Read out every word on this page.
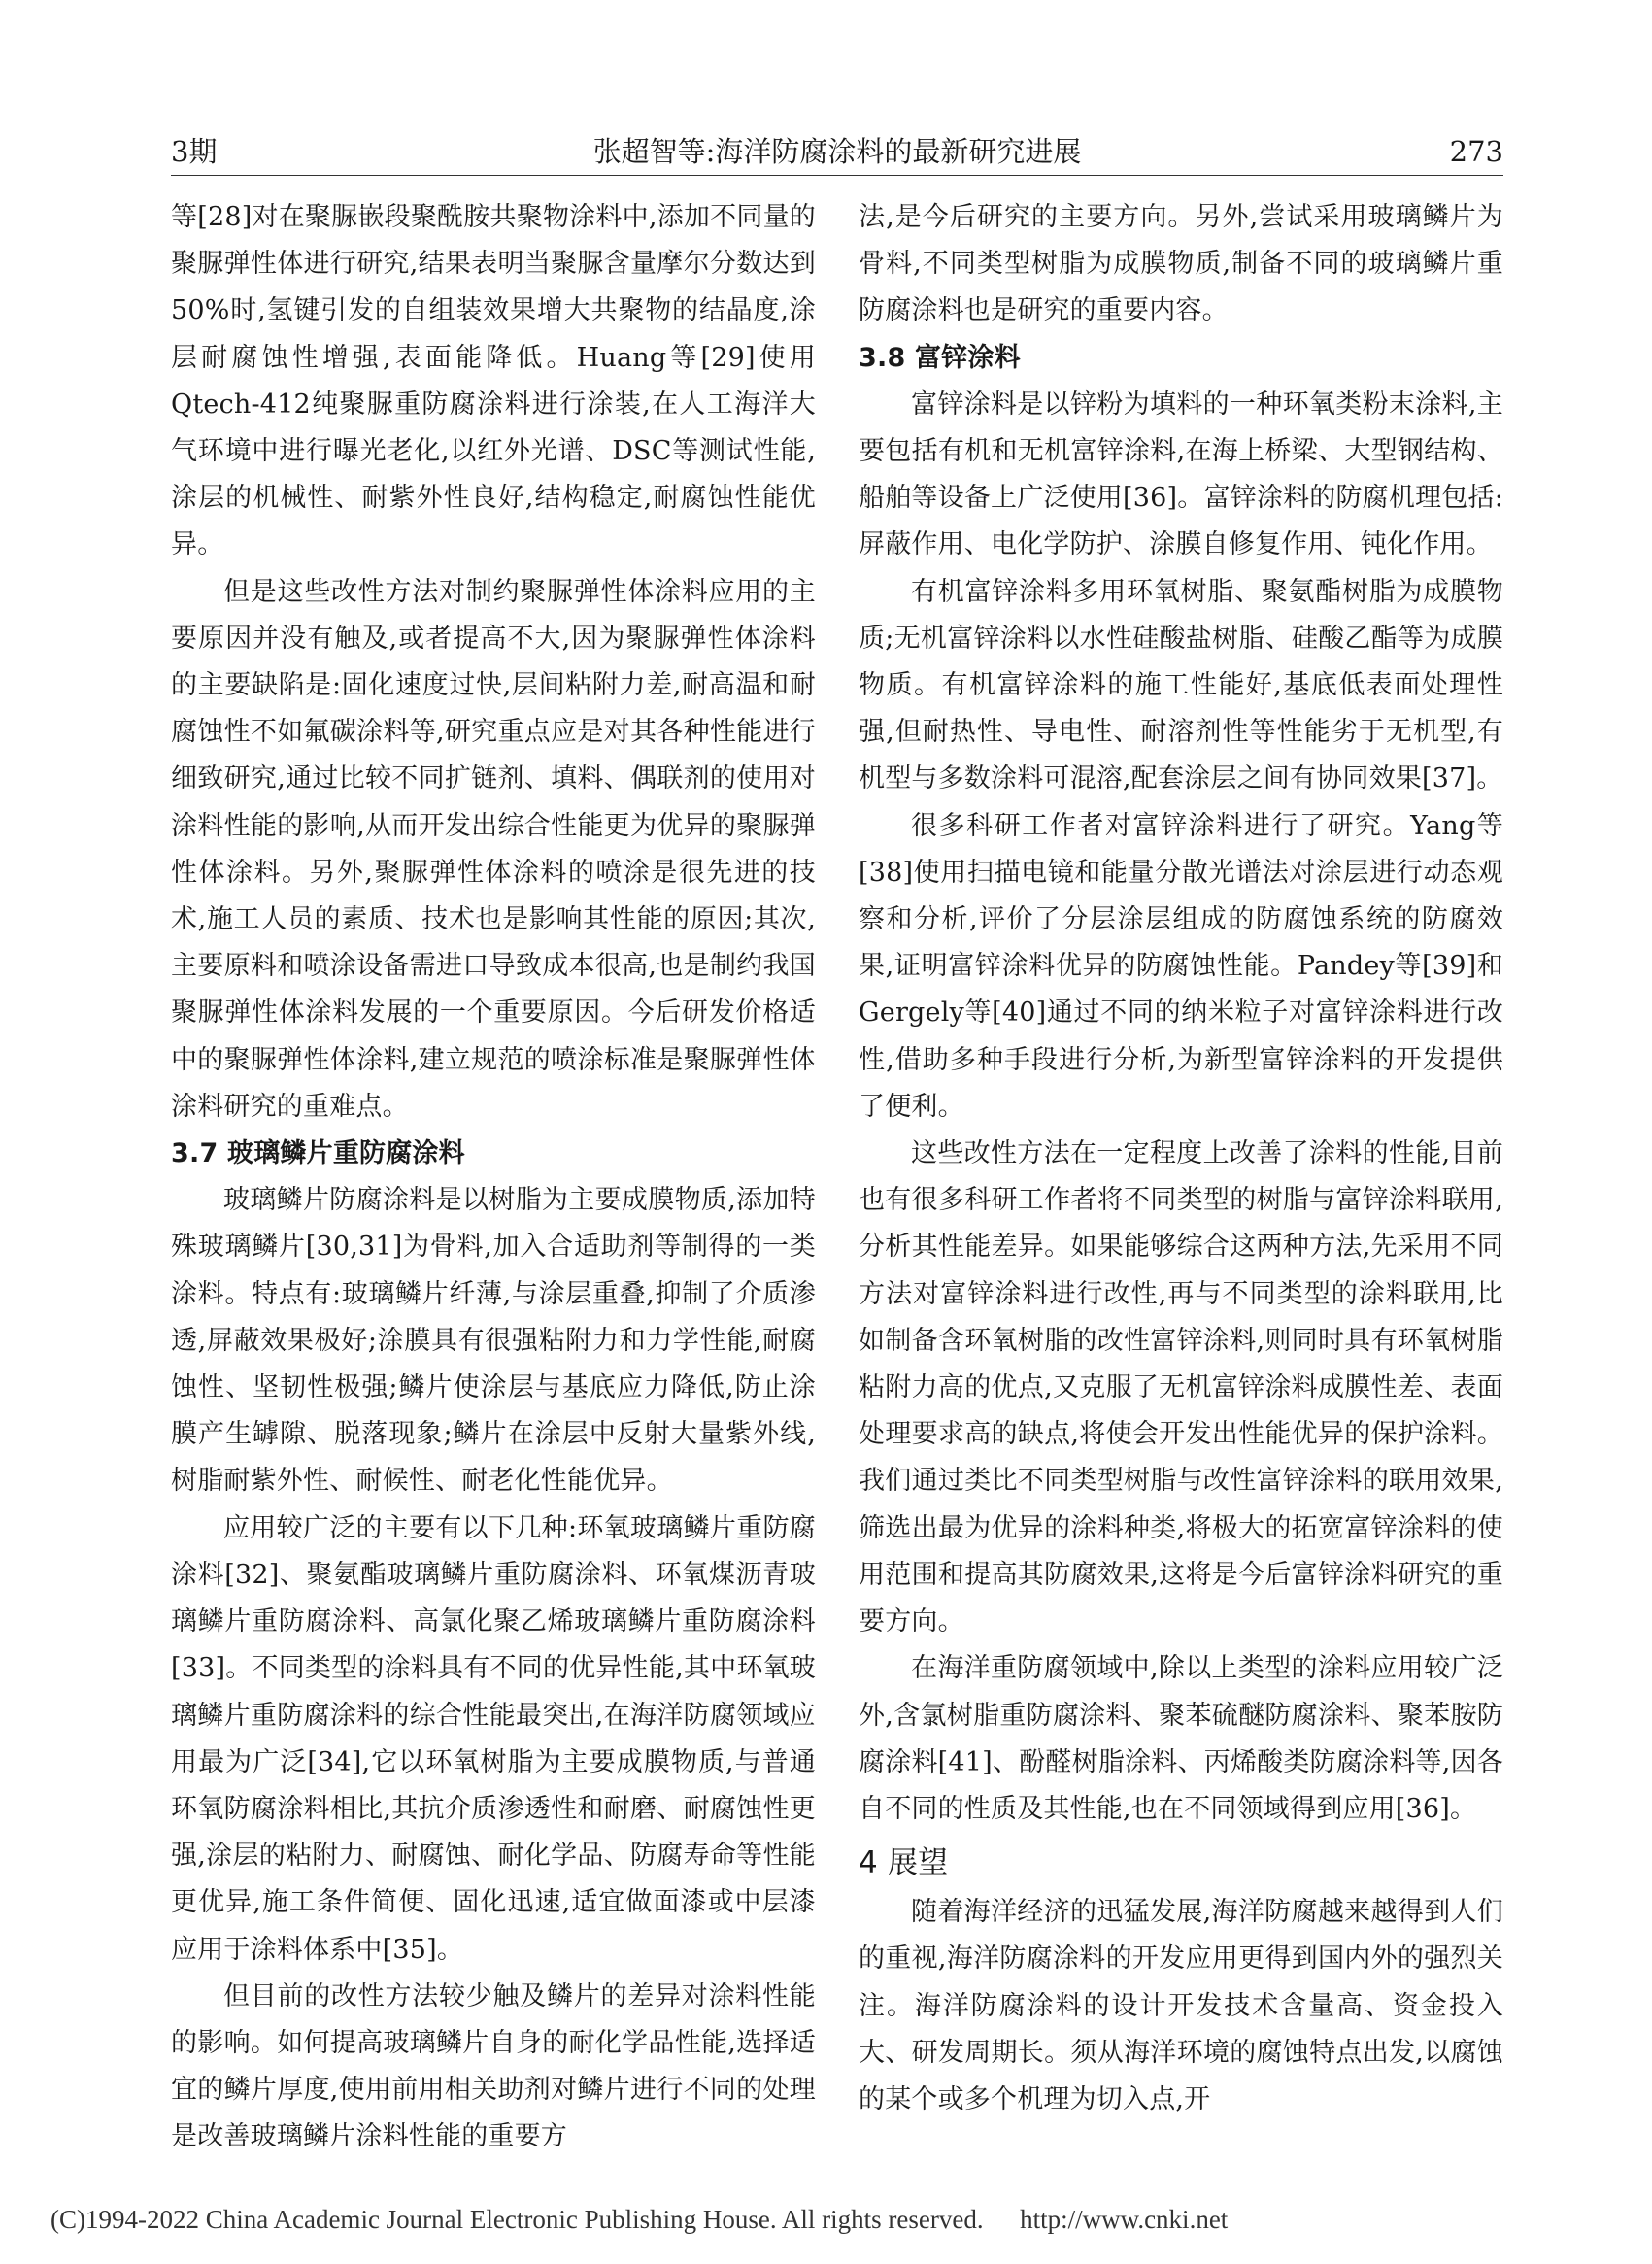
3期	张超智等:海洋防腐涂料的最新研究进展	273

等[28]对在聚脲嵌段聚酰胺共聚物涂料中,添加不同量的聚脲弹性体进行研究,结果表明当聚脲含量摩尔分数达到50%时,氢键引发的自组装效果增大共聚物的结晶度,涂层耐腐蚀性增强,表面能降低。Huang等[29]使用Qtech-412纯聚脲重防腐涂料进行涂装,在人工海洋大气环境中进行曝光老化,以红外光谱、DSC等测试性能,涂层的机械性、耐紫外性良好,结构稳定,耐腐蚀性能优异。

但是这些改性方法对制约聚脲弹性体涂料应用的主要原因并没有触及,或者提高不大,因为聚脲弹性体涂料的主要缺陷是:固化速度过快,层间粘附力差,耐高温和耐腐蚀性不如氟碳涂料等,研究重点应是对其各种性能进行细致研究,通过比较不同扩链剂、填料、偶联剂的使用对涂料性能的影响,从而开发出综合性能更为优异的聚脲弹性体涂料。另外,聚脲弹性体涂料的喷涂是很先进的技术,施工人员的素质、技术也是影响其性能的原因;其次,主要原料和喷涂设备需进口导致成本很高,也是制约我国聚脲弹性体涂料发展的一个重要原因。今后研发价格适中的聚脲弹性体涂料,建立规范的喷涂标准是聚脲弹性体涂料研究的重难点。

3.7 玻璃鳞片重防腐涂料

玻璃鳞片防腐涂料是以树脂为主要成膜物质,添加特殊玻璃鳞片[30,31]为骨料,加入合适助剂等制得的一类涂料。特点有:玻璃鳞片纤薄,与涂层重叠,抑制了介质渗透,屏蔽效果极好;涂膜具有很强粘附力和力学性能,耐腐蚀性、坚韧性极强;鳞片使涂层与基底应力降低,防止涂膜产生罅隙、脱落现象;鳞片在涂层中反射大量紫外线,树脂耐紫外性、耐候性、耐老化性能优异。

应用较广泛的主要有以下几种:环氧玻璃鳞片重防腐涂料[32]、聚氨酯玻璃鳞片重防腐涂料、环氧煤沥青玻璃鳞片重防腐涂料、高氯化聚乙烯玻璃鳞片重防腐涂料[33]。不同类型的涂料具有不同的优异性能,其中环氧玻璃鳞片重防腐涂料的综合性能最突出,在海洋防腐领域应用最为广泛[34],它以环氧树脂为主要成膜物质,与普通环氧防腐涂料相比,其抗介质渗透性和耐磨、耐腐蚀性更强,涂层的粘附力、耐腐蚀、耐化学品、防腐寿命等性能更优异,施工条件简便、固化迅速,适宜做面漆或中层漆应用于涂料体系中[35]。

但目前的改性方法较少触及鳞片的差异对涂料性能的影响。如何提高玻璃鳞片自身的耐化学品性能,选择适宜的鳞片厚度,使用前用相关助剂对鳞片进行不同的处理是改善玻璃鳞片涂料性能的重要方

法,是今后研究的主要方向。另外,尝试采用玻璃鳞片为骨料,不同类型树脂为成膜物质,制备不同的玻璃鳞片重防腐涂料也是研究的重要内容。

3.8 富锌涂料

富锌涂料是以锌粉为填料的一种环氧类粉末涂料,主要包括有机和无机富锌涂料,在海上桥梁、大型钢结构、船舶等设备上广泛使用[36]。富锌涂料的防腐机理包括:屏蔽作用、电化学防护、涂膜自修复作用、钝化作用。

有机富锌涂料多用环氧树脂、聚氨酯树脂为成膜物质;无机富锌涂料以水性硅酸盐树脂、硅酸乙酯等为成膜物质。有机富锌涂料的施工性能好,基底低表面处理性强,但耐热性、导电性、耐溶剂性等性能劣于无机型,有机型与多数涂料可混溶,配套涂层之间有协同效果[37]。

很多科研工作者对富锌涂料进行了研究。Yang等[38]使用扫描电镜和能量分散光谱法对涂层进行动态观察和分析,评价了分层涂层组成的防腐蚀系统的防腐效果,证明富锌涂料优异的防腐蚀性能。Pandey等[39]和Gergely等[40]通过不同的纳米粒子对富锌涂料进行改性,借助多种手段进行分析,为新型富锌涂料的开发提供了便利。

这些改性方法在一定程度上改善了涂料的性能,目前也有很多科研工作者将不同类型的树脂与富锌涂料联用,分析其性能差异。如果能够综合这两种方法,先采用不同方法对富锌涂料进行改性,再与不同类型的涂料联用,比如制备含环氧树脂的改性富锌涂料,则同时具有环氧树脂粘附力高的优点,又克服了无机富锌涂料成膜性差、表面处理要求高的缺点,将使会开发出性能优异的保护涂料。我们通过类比不同类型树脂与改性富锌涂料的联用效果,筛选出最为优异的涂料种类,将极大的拓宽富锌涂料的使用范围和提高其防腐效果,这将是今后富锌涂料研究的重要方向。

在海洋重防腐领域中,除以上类型的涂料应用较广泛外,含氯树脂重防腐涂料、聚苯硫醚防腐涂料、聚苯胺防腐涂料[41]、酚醛树脂涂料、丙烯酸类防腐涂料等,因各自不同的性质及其性能,也在不同领域得到应用[36]。

4 展望

随着海洋经济的迅猛发展,海洋防腐越来越得到人们的重视,海洋防腐涂料的开发应用更得到国内外的强烈关注。海洋防腐涂料的设计开发技术含量高、资金投入大、研发周期长。须从海洋环境的腐蚀特点出发,以腐蚀的某个或多个机理为切入点,开

(C)1994-2022 China Academic Journal Electronic Publishing House. All rights reserved. http://www.cnki.net
